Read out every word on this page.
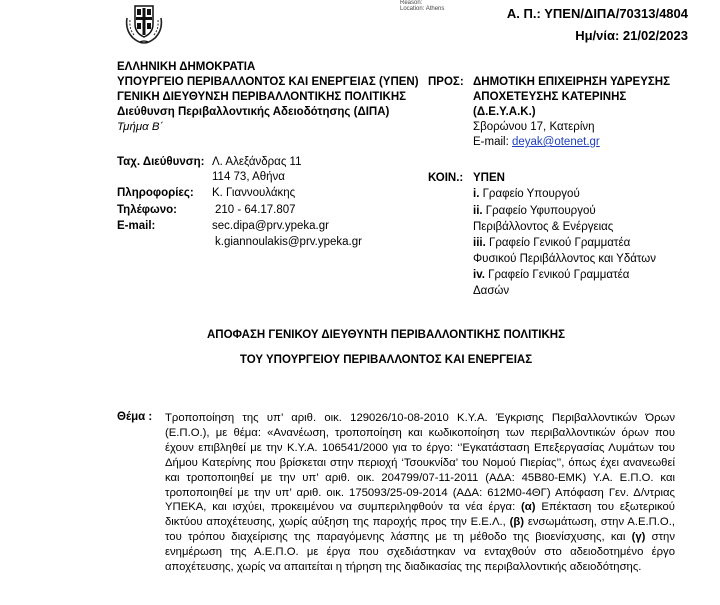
Reason:
Location: Athens	Α. Π.: ΥΠΕΝ/ΔΙΠΑ/70313/4804
Ημ/νία: 21/02/2023
ΕΛΛΗΝΙΚΗ ΔΗΜΟΚΡΑΤΙΑ
ΥΠΟΥΡΓΕΙΟ ΠΕΡΙΒΑΛΛΟΝΤΟΣ ΚΑΙ ΕΝΕΡΓΕΙΑΣ (ΥΠΕΝ)
ΓΕΝΙΚΗ ΔΙΕΥΘΥΝΣΗ ΠΕΡΙΒΑΛΛΟΝΤΙΚΗΣ ΠΟΛΙΤΙΚΗΣ
Διεύθυνση Περιβαλλοντικής Αδειοδότησης (ΔΙΠΑ)
Τμήμα Β΄
ΠΡΟΣ: ΔΗΜΟΤΙΚΗ ΕΠΙΧΕΙΡΗΣΗ ΥΔΡΕΥΣΗΣ
ΑΠΟΧΕΤΕΥΣΗΣ ΚΑΤΕΡΙΝΗΣ
(Δ.Ε.Υ.Α.Κ.)
Σβορώνου 17, Κατερίνη
E-mail: deyak@otenet.gr
Ταχ. Διεύθυνση: Λ. Αλεξάνδρας 11
114 73, Αθήνα
Πληροφορίες: Κ. Γιαννουλάκης
Τηλέφωνο:	210 - 64.17.807
E-mail:	sec.dipa@prv.ypeka.gr
k.giannoulakis@prv.ypeka.gr
ΚΟΙΝ.: ΥΠΕΝ
i. Γραφείο Υπουργού
ii. Γραφείο Υφυπουργού
Περιβάλλοντος & Ενέργειας
iii. Γραφείο Γενικού Γραμματέα
Φυσικού Περιβάλλοντος και Υδάτων
iv. Γραφείο Γενικού Γραμματέα
Δασών
ΑΠΟΦΑΣΗ ΓΕΝΙΚΟΥ ΔΙΕΥΘΥΝΤΗ ΠΕΡΙΒΑΛΛΟΝΤΙΚΗΣ ΠΟΛΙΤΙΚΗΣ
ΤΟΥ ΥΠΟΥΡΓΕΙΟΥ ΠΕΡΙΒΑΛΛΟΝΤΟΣ ΚΑΙ ΕΝΕΡΓΕΙΑΣ
Θέμα : Τροποποίηση της υπ’ αριθ. οικ. 129026/10-08-2010 Κ.Υ.Α. Έγκρισης Περιβαλλοντικών Όρων (Ε.Π.Ο.), με θέμα: «Ανανέωση, τροποποίηση και κωδικοποίηση των περιβαλλοντικών όρων που έχουν επιβληθεί με την Κ.Υ.Α. 106541/2000 για το έργο: ‘’Εγκατάσταση Επεξεργασίας Λυμάτων του Δήμου Κατερίνης που βρίσκεται στην περιοχή ‘Τσουκνίδα’ του Νομού Πιερίας’’, όπως έχει ανανεωθεί και τροποποιηθεί με την υπ’ αριθ. οικ. 204799/07-11-2011 (ΑΔΑ: 45Β80-ΕΜΚ) Υ.Α. Ε.Π.Ο. και τροποποιηθεί με την υπ’ αριθ. οικ. 175093/25-09-2014 (ΑΔΑ: 612Μ0-4ΘΓ) Απόφαση Γεν. Δ/ντριας ΥΠΕΚΑ, και ισχύει, προκειμένου να συμπεριληφθούν τα νέα έργα: (α) Επέκταση του εξωτερικού δικτύου αποχέτευσης, χωρίς αύξηση της παροχής προς την Ε.Ε.Λ., (β) ενσωμάτωση, στην Α.Ε.Π.Ο., του τρόπου διαχείρισης της παραγόμενης λάσπης με τη μέθοδο της βιοενίσχυσης, και (γ) στην ενημέρωση της Α.Ε.Π.Ο. με έργα που σχεδιάστηκαν να ενταχθούν στο αδειοδοτημένο έργο αποχέτευσης, χωρίς να απαιτείται η τήρηση της διαδικασίας της περιβαλλοντικής αδειοδότησης.
